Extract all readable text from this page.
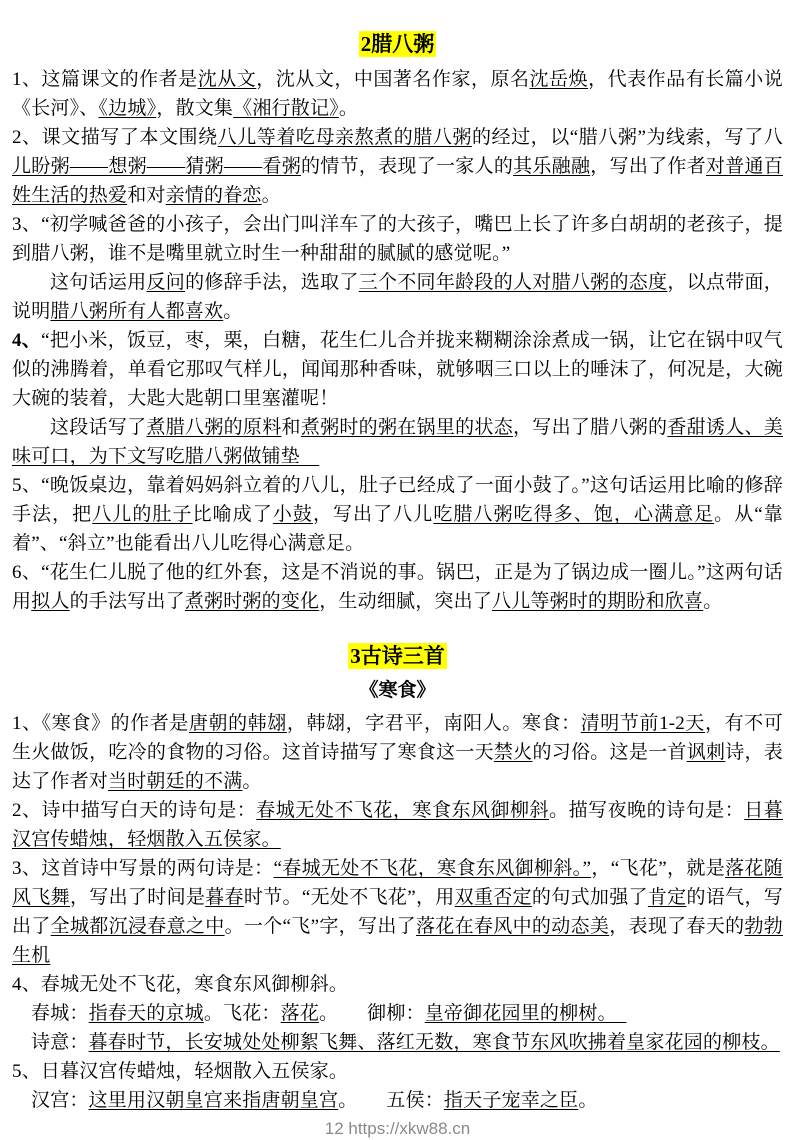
2腊八粥

1、这篇课文的作者是沈从文，沈从文，中国著名作家，原名沈岳焕，代表作品有长篇小说《长河》、《边城》，散文集《湘行散记》。

2、课文描写了本文围绕八儿等着吃母亲熬煮的腊八粥的经过，以“腊八粥”为线索，写了八儿盼粥——想粥——猜粥——看粥的情节，表现了一家人的其乐融融，写出了作者对普通百姓生活的热爱和对亲情的眷恋。

3、“初学喊爸爸的小孩子，会出门叫洋车了的大孩子，嘴巴上长了许多白胡胡的老孩子，提到腊八粥，谁不是嘴里就立时生一种甜甜的腻腻的感觉呢。”

这句话运用反问的修辞手法，选取了三个不同年龄段的人对腊八粥的态度，以点带面，说明腊八粥所有人都喜欢。

4、“把小米，饭豆，枣，栗，白糖，花生仁儿合并拢来糊糊涂涂煮成一锅，让它在锅中叹气似的沸腾着，单看它那叹气样儿，闻闻那种香味，就够咽三口以上的唾沫了，何况是，大碗大碗的装着，大匙大匙朝口里塞灌呢！

这段话写了煮腊八粥的原料和煮粥时的粥在锅里的状态，写出了腊八粥的香甜诱人、美味可口，为下文写吃腊八粥做铺垫　

5、“晚饭桌边，靠着妈妈斜立着的八儿，肚子已经成了一面小鼓了。”这句话运用比喻的修辞手法，把八儿的肚子比喻成了小鼓，写出了八儿吃腊八粥吃得多、饱，心满意足。从“靠着”、“斜立”也能看出八儿吃得心满意足。

6、“花生仁儿脱了他的红外套，这是不消说的事。锅巴，正是为了锅边成一圈儿。”这两句话用拟人的手法写出了煮粥时粥的变化，生动细腻，突出了八儿等粥时的期盼和欣喜。

3古诗三首
《寒食》

1、《寒食》的作者是唐朝的韩翃，韩翃，字君平，南阳人。寒食：清明节前1-2天，有不可生火做饭，吃冷的食物的习俗。这首诗描写了寒食这一天禁火的习俗。这是一首讽刺诗，表达了作者对当时朝廷的不满。

2、诗中描写白天的诗句是：春城无处不飞花，寒食东风御柳斜。描写夜晚的诗句是：日暮汉宫传蜡烛，轻烟散入五侯家。

3、这首诗中写景的两句诗是：“春城无处不飞花，寒食东风御柳斜。”，“飞花”，就是落花随风飞舞，写出了时间是暮春时节。“无处不飞花”，用双重否定的句式加强了肯定的语气，写出了全城都沉浸春意之中。一个“飞”字，写出了落花在春风中的动态美，表现了春天的勃勃生机

4、春城无处不飞花，寒食东风御柳斜。

春城：指春天的京城。飞花：落花。　　御柳：皇帝御花园里的柳树。　

诗意：暮春时节，长安城处处柳絮飞舞、落红无数，寒食节东风吹拂着皇家花园的柳枝。

5、日暮汉宫传蜡烛，轻烟散入五侯家。

汉宫：这里用汉朝皇宫来指唐朝皇宫。　　五侯：指天子宠幸之臣。

12 https://xkw88.cn
